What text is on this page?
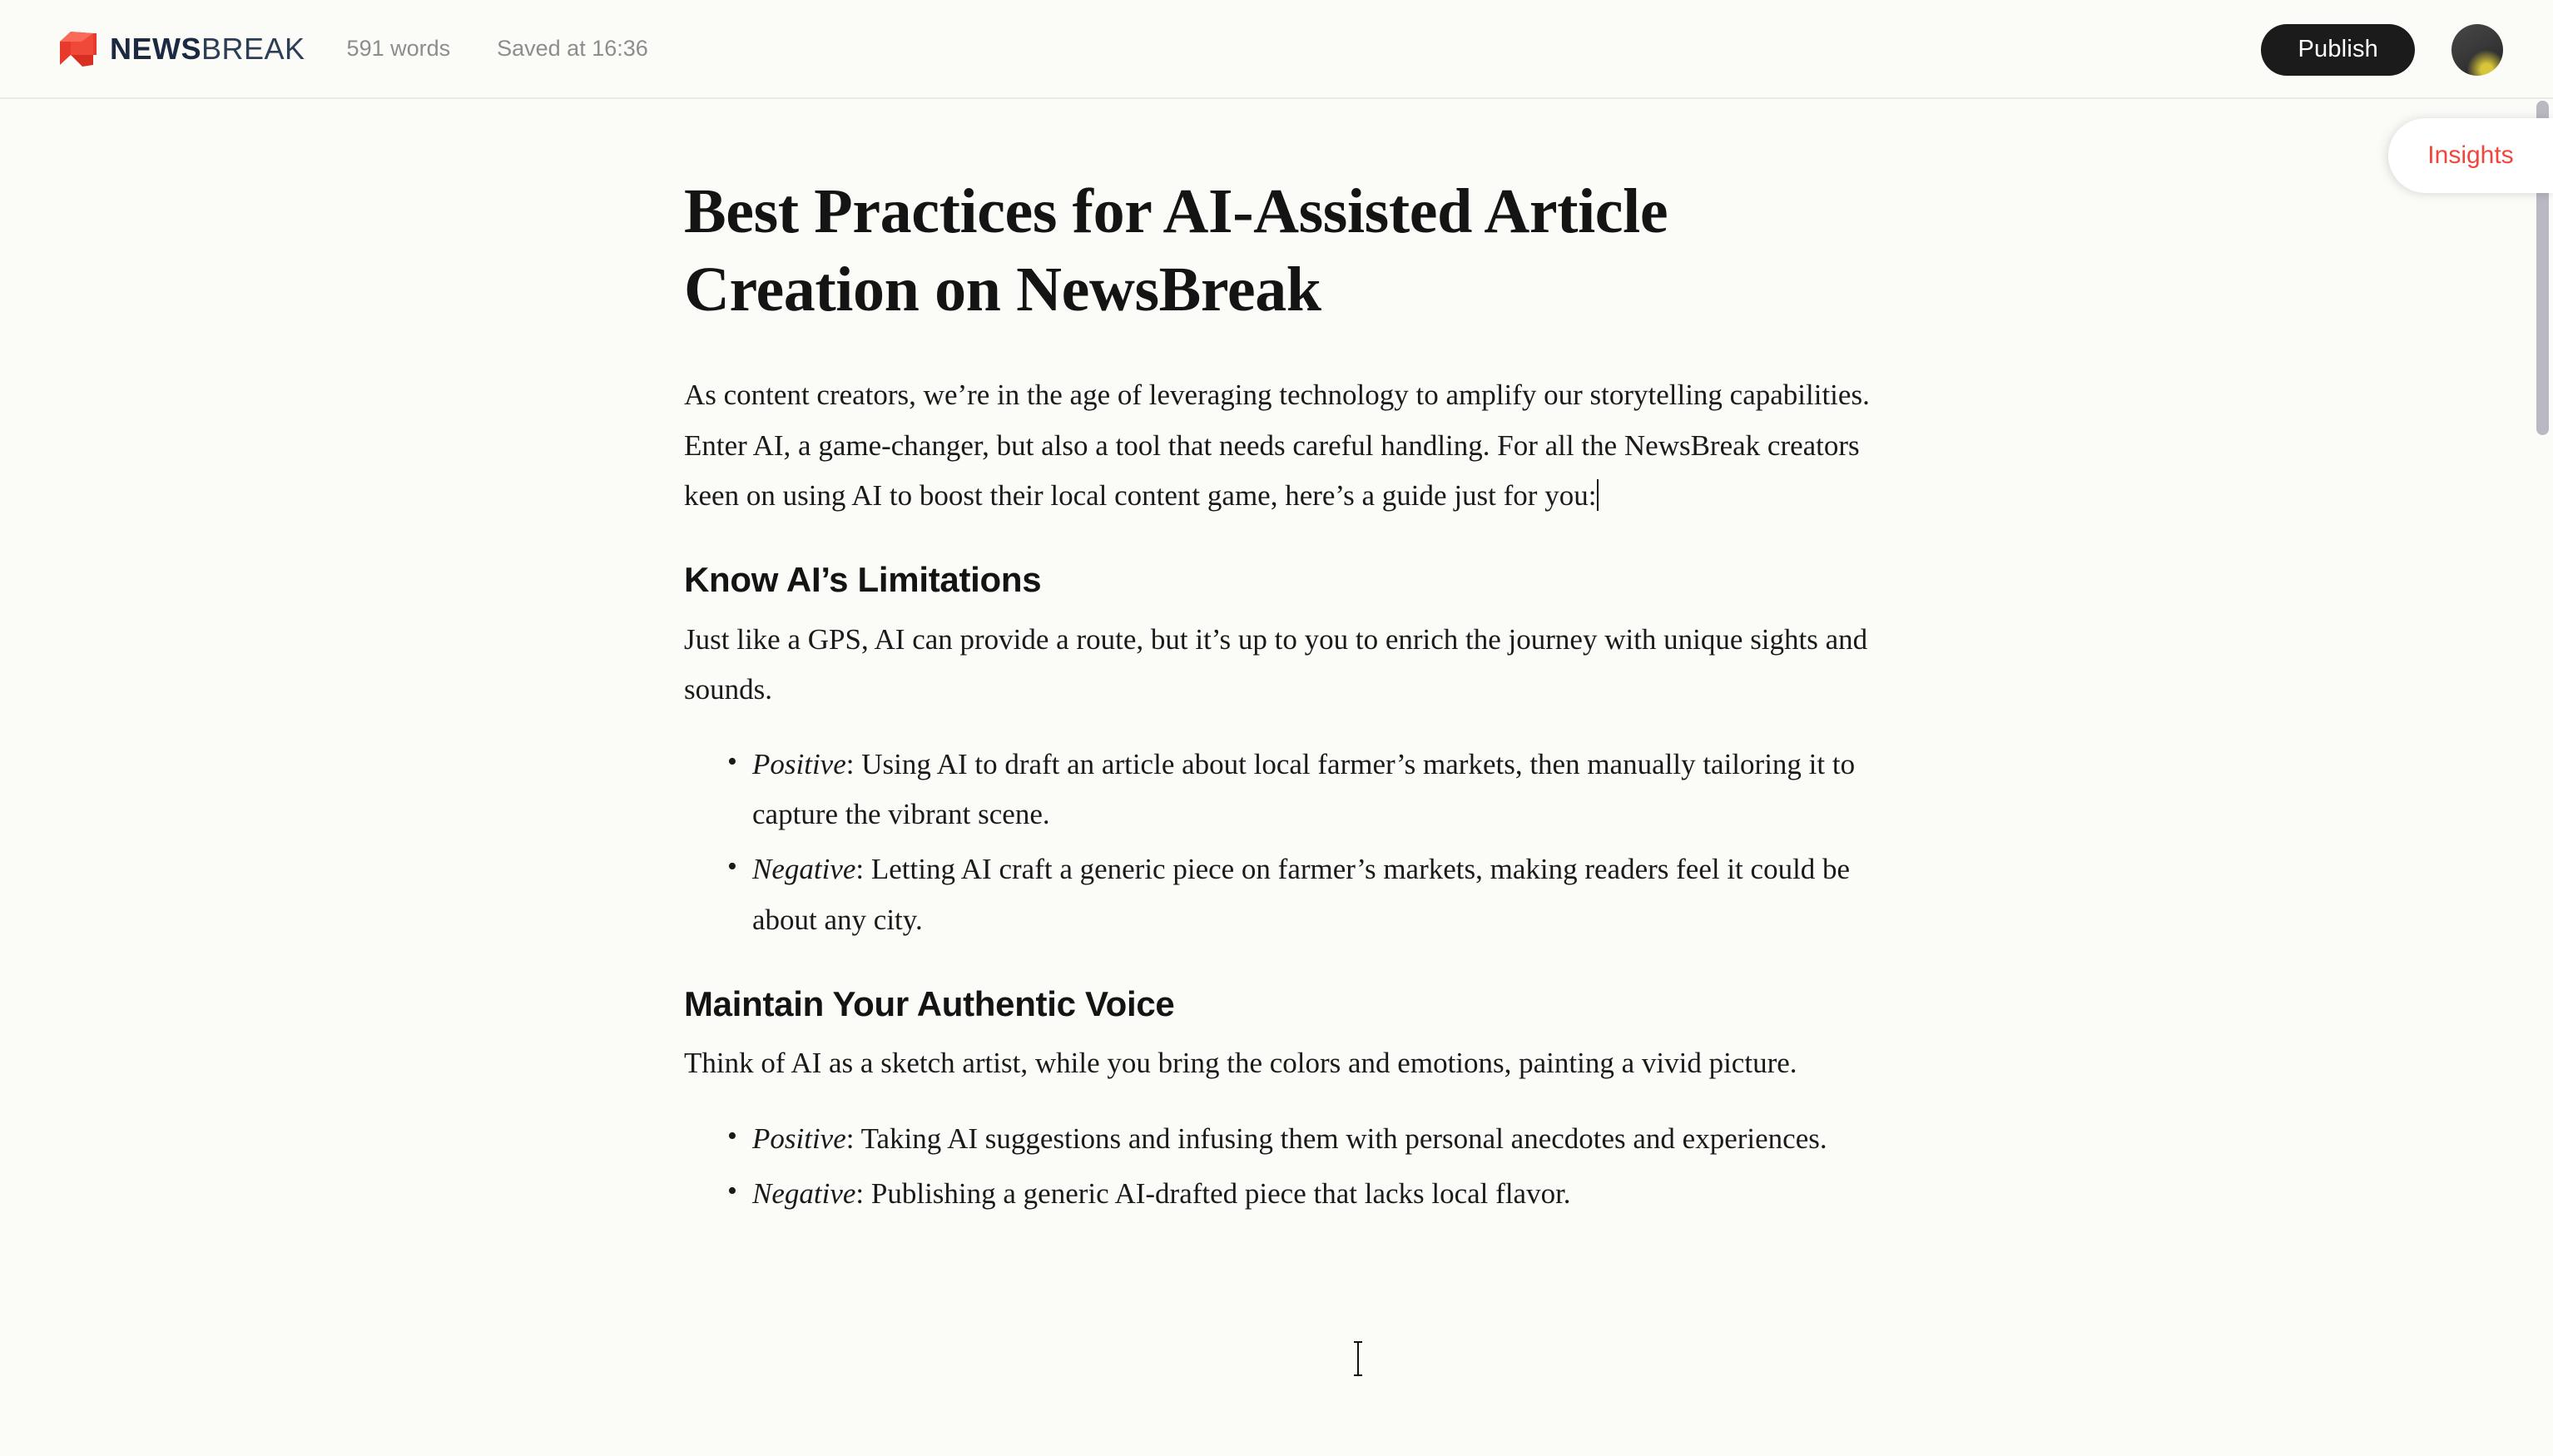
NEWSBREAK 591 words Saved at 16:36	Publish
Insights
Best Practices for AI-Assisted Article Creation on NewsBreak

As content creators, we’re in the age of leveraging technology to amplify our storytelling capabilities. Enter AI, a game-changer, but also a tool that needs careful handling. For all the NewsBreak creators keen on using AI to boost their local content game, here’s a guide just for you:

Know AI’s Limitations

Just like a GPS, AI can provide a route, but it’s up to you to enrich the journey with unique sights and sounds.

• Positive: Using AI to draft an article about local farmer’s markets, then manually tailoring it to capture the vibrant scene.
• Negative: Letting AI craft a generic piece on farmer’s markets, making readers feel it could be about any city.
Maintain Your Authentic Voice

Think of AI as a sketch artist, while you bring the colors and emotions, painting a vivid picture.

• Positive: Taking AI suggestions and infusing them with personal anecdotes and experiences.
• Negative: Publishing a generic AI-drafted piece that lacks local flavor.
